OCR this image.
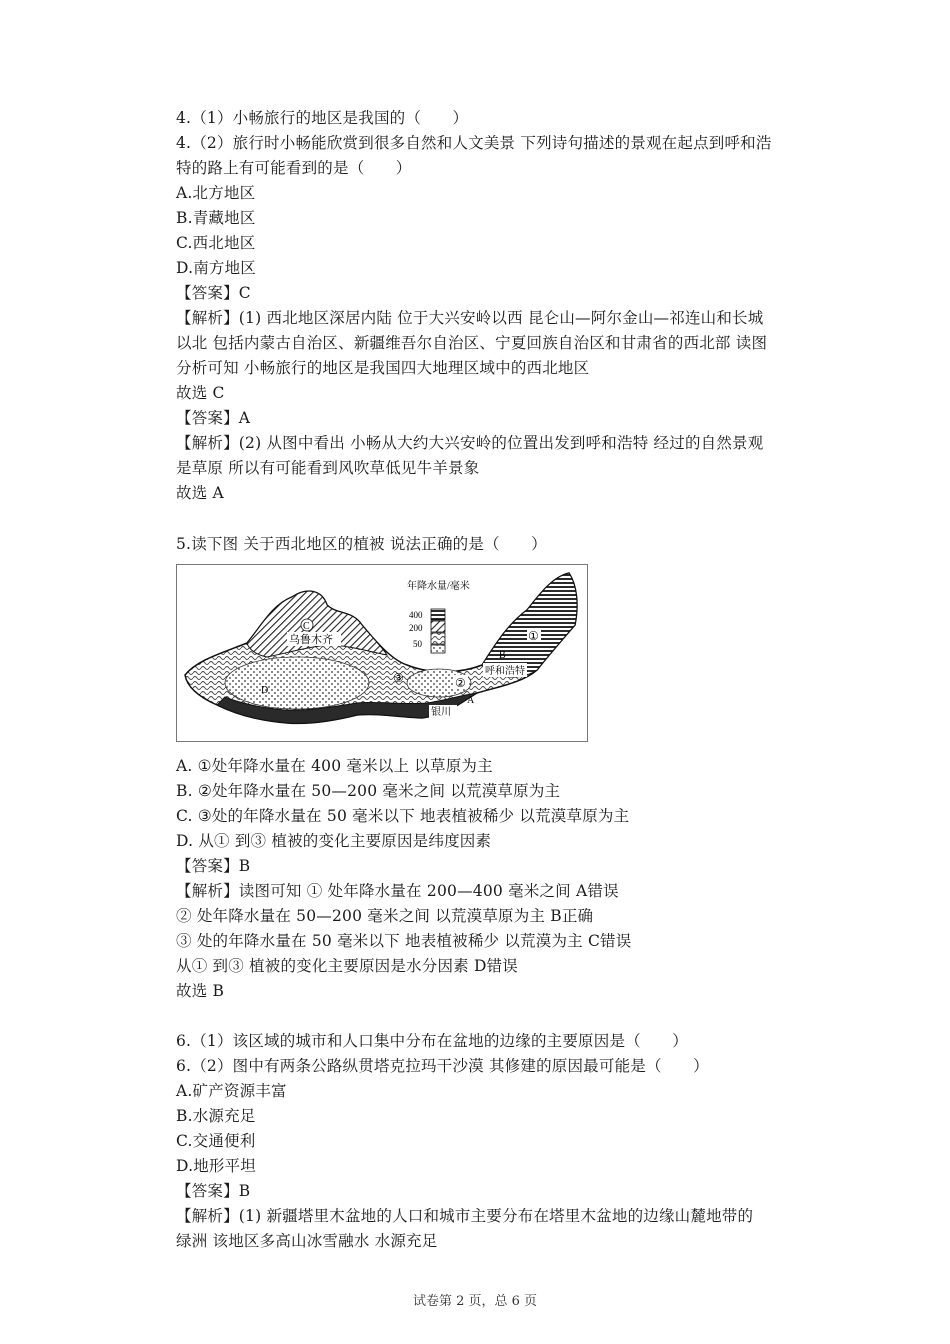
4.（1）小畅旅行的地区是我国的（　　）
4.（2）旅行时小畅能欣赏到很多自然和人文美景 下列诗句描述的景观在起点到呼和浩
特的路上有可能看到的是（　　）
A.北方地区
B.青藏地区
C.西北地区
D.南方地区
【答案】C
【解析】(1) 西北地区深居内陆 位于大兴安岭以西 昆仑山—阿尔金山—祁连山和长城
以北 包括内蒙古自治区、新疆维吾尔自治区、宁夏回族自治区和甘肃省的西北部 读图
分析可知 小畅旅行的地区是我国四大地理区域中的西北地区
故选 C
【答案】A
【解析】(2) 从图中看出 小畅从大约大兴安岭的位置出发到呼和浩特 经过的自然景观
是草原 所以有可能看到风吹草低见牛羊景象
故选 A
5.读下图 关于西北地区的植被 说法正确的是（　　）
年降水量/毫米
400
200
50
C
乌鲁木齐
D
B
呼和浩特
A
银川
①
②
③
A. ①处年降水量在 400 毫米以上 以草原为主
B. ②处年降水量在 50—200 毫米之间 以荒漠草原为主
C. ③处的年降水量在 50 毫米以下 地表植被稀少 以荒漠草原为主
D. 从① 到③ 植被的变化主要原因是纬度因素
【答案】B
【解析】读图可知 ① 处年降水量在 200—400 毫米之间 A错误
② 处年降水量在 50—200 毫米之间 以荒漠草原为主 B正确
③ 处的年降水量在 50 毫米以下 地表植被稀少 以荒漠为主 C错误
从① 到③ 植被的变化主要原因是水分因素 D错误
故选 B
6.（1）该区域的城市和人口集中分布在盆地的边缘的主要原因是（　　）
6.（2）图中有两条公路纵贯塔克拉玛干沙漠 其修建的原因最可能是（　　）
A.矿产资源丰富
B.水源充足
C.交通便利
D.地形平坦
【答案】B
【解析】(1) 新疆塔里木盆地的人口和城市主要分布在塔里木盆地的边缘山麓地带的
绿洲 该地区多高山冰雪融水 水源充足
试卷第 2 页，总 6 页
